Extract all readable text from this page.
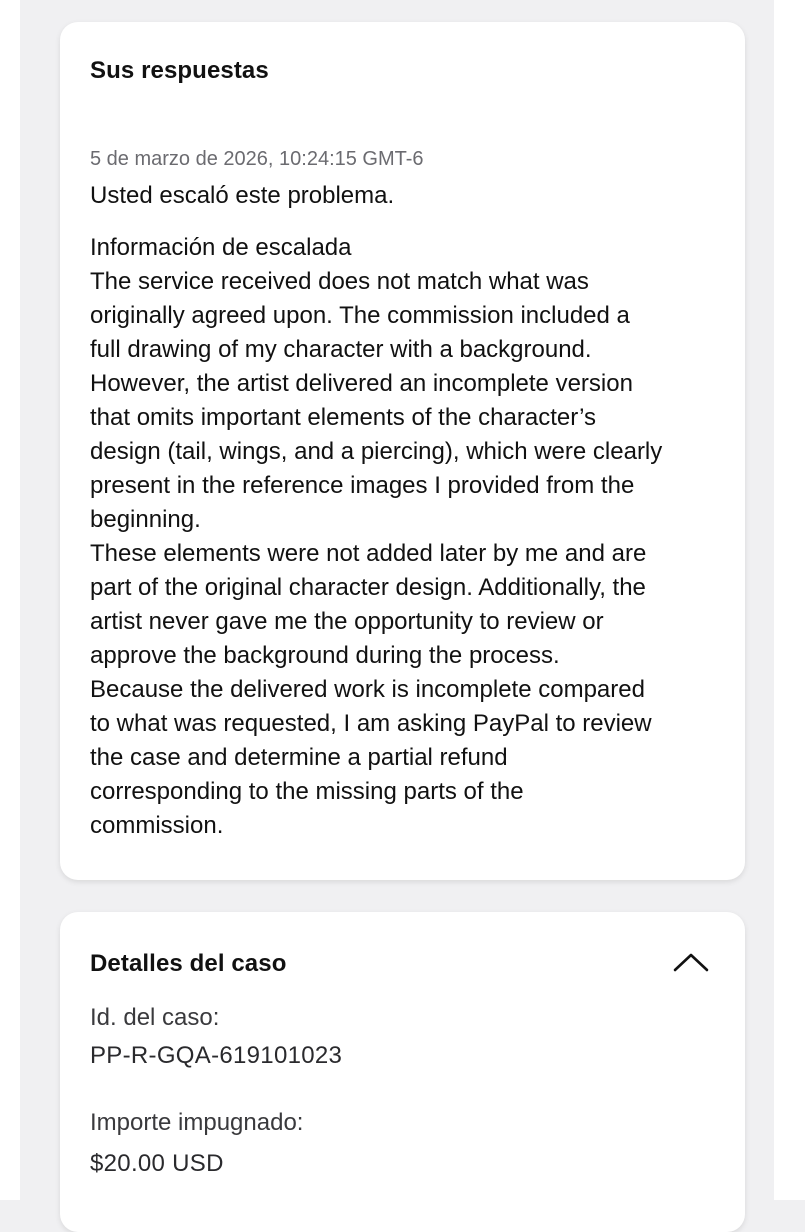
Sus respuestas
5 de marzo de 2026, 10:24:15 GMT-6
Usted escaló este problema.
Información de escalada
The service received does not match what was
originally agreed upon. The commission included a
full drawing of my character with a background.
However, the artist delivered an incomplete version
that omits important elements of the character’s
design (tail, wings, and a piercing), which were clearly
present in the reference images I provided from the
beginning.
These elements were not added later by me and are
part of the original character design. Additionally, the
artist never gave me the opportunity to review or
approve the background during the process.
Because the delivered work is incomplete compared
to what was requested, I am asking PayPal to review
the case and determine a partial refund
corresponding to the missing parts of the
commission.
Detalles del caso
Id. del caso:
PP-R-GQA-619101023
Importe impugnado:
$20.00 USD
